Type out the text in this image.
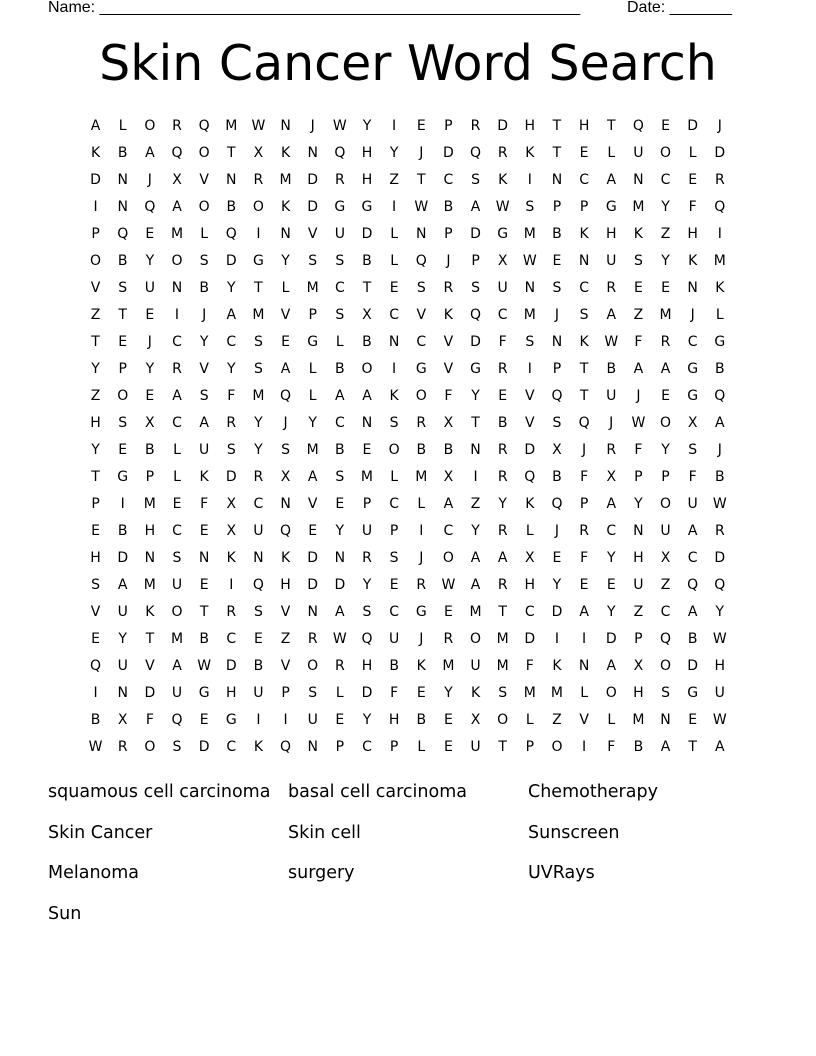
Name: ______________________________________________________	Date: _______
Skin Cancer Word Search
A	L	O	R	Q	M	W	N	J	W	Y	I	E	P	R	D	H	T	H	T	Q	E	D	J
K	B	A	Q	O	T	X	K	N	Q	H	Y	J	D	Q	R	K	T	E	L	U	O	L	D
D	N	J	X	V	N	R	M	D	R	H	Z	T	C	S	K	I	N	C	A	N	C	E	R
I	N	Q	A	O	B	O	K	D	G	G	I	W	B	A	W	S	P	P	G	M	Y	F	Q
P	Q	E	M	L	Q	I	N	V	U	D	L	N	P	D	G	M	B	K	H	K	Z	H	I
O	B	Y	O	S	D	G	Y	S	S	B	L	Q	J	P	X	W	E	N	U	S	Y	K	M
V	S	U	N	B	Y	T	L	M	C	T	E	S	R	S	U	N	S	C	R	E	E	N	K
Z	T	E	I	J	A	M	V	P	S	X	C	V	K	Q	C	M	J	S	A	Z	M	J	L
T	E	J	C	Y	C	S	E	G	L	B	N	C	V	D	F	S	N	K	W	F	R	C	G
Y	P	Y	R	V	Y	S	A	L	B	O	I	G	V	G	R	I	P	T	B	A	A	G	B
Z	O	E	A	S	F	M	Q	L	A	A	K	O	F	Y	E	V	Q	T	U	J	E	G	Q
H	S	X	C	A	R	Y	J	Y	C	N	S	R	X	T	B	V	S	Q	J	W	O	X	A
Y	E	B	L	U	S	Y	S	M	B	E	O	B	B	N	R	D	X	J	R	F	Y	S	J
T	G	P	L	K	D	R	X	A	S	M	L	M	X	I	R	Q	B	F	X	P	P	F	B
P	I	M	E	F	X	C	N	V	E	P	C	L	A	Z	Y	K	Q	P	A	Y	O	U	W
E	B	H	C	E	X	U	Q	E	Y	U	P	I	C	Y	R	L	J	R	C	N	U	A	R
H	D	N	S	N	K	N	K	D	N	R	S	J	O	A	A	X	E	F	Y	H	X	C	D
S	A	M	U	E	I	Q	H	D	D	Y	E	R	W	A	R	H	Y	E	E	U	Z	Q	Q
V	U	K	O	T	R	S	V	N	A	S	C	G	E	M	T	C	D	A	Y	Z	C	A	Y
E	Y	T	M	B	C	E	Z	R	W	Q	U	J	R	O	M	D	I	I	D	P	Q	B	W
Q	U	V	A	W	D	B	V	O	R	H	B	K	M	U	M	F	K	N	A	X	O	D	H
I	N	D	U	G	H	U	P	S	L	D	F	E	Y	K	S	M	M	L	O	H	S	G	U
B	X	F	Q	E	G	I	I	U	E	Y	H	B	E	X	O	L	Z	V	L	M	N	E	W
W	R	O	S	D	C	K	Q	N	P	C	P	L	E	U	T	P	O	I	F	B	A	T	A
squamous cell carcinoma	basal cell carcinoma	Chemotherapy
Skin Cancer	Skin cell	Sunscreen
Melanoma	surgery	UVRays
Sun
